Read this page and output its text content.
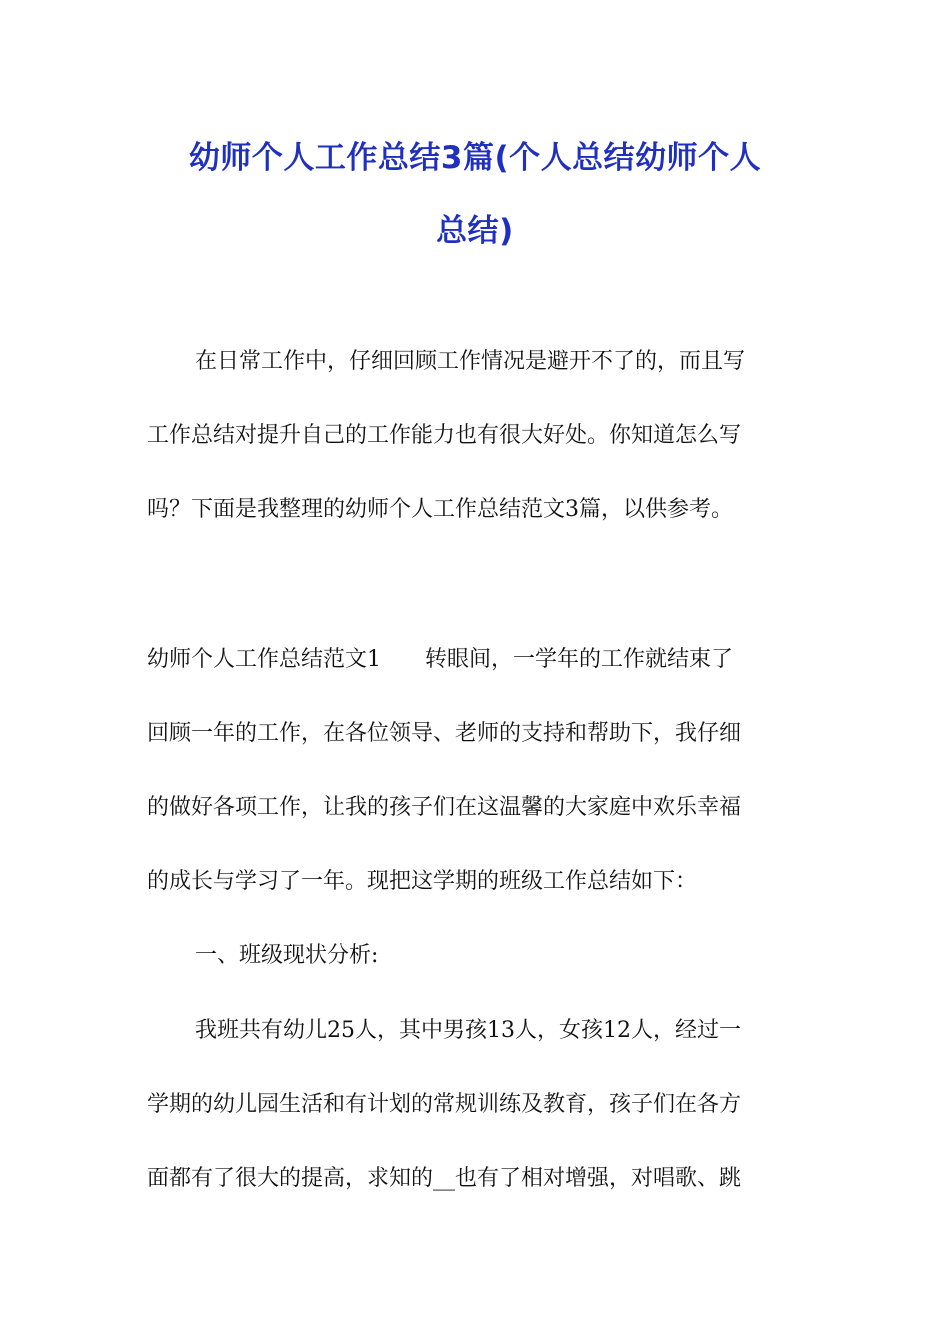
幼师个人工作总结3篇(个人总结幼师个人
总结)
在日常工作中，仔细回顾工作情况是避开不了的，而且写
工作总结对提升自己的工作能力也有很大好处。你知道怎么写
吗？下面是我整理的幼师个人工作总结范文3篇，以供参考。
幼师个人工作总结范文1　　转眼间，一学年的工作就结束了
回顾一年的工作，在各位领导、老师的支持和帮助下，我仔细
的做好各项工作，让我的孩子们在这温馨的大家庭中欢乐幸福
的成长与学习了一年。现把这学期的班级工作总结如下：
一、班级现状分析:
我班共有幼儿25人，其中男孩13人，女孩12人，经过一
学期的幼儿园生活和有计划的常规训练及教育，孩子们在各方
面都有了很大的提高，求知的__也有了相对增强，对唱歌、跳
